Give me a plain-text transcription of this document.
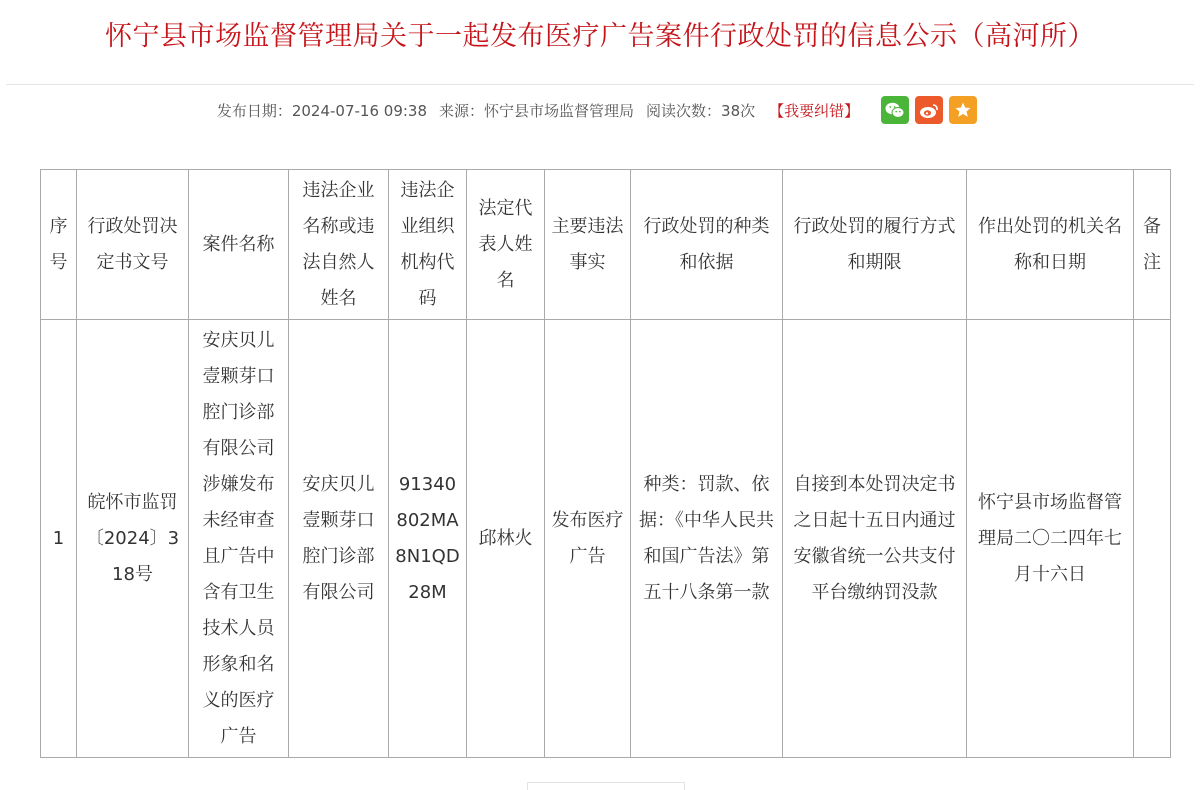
怀宁县市场监督管理局关于一起发布医疗广告案件行政处罚的信息公示（高河所）
发布日期：2024-07-16 09:38 来源：怀宁县市场监督管理局 阅读次数：38次 【我要纠错】
序号	行政处罚决定书文号	案件名称	违法企业名称或违法自然人姓名	违法企业组织机构代码	法定代表人姓名	主要违法事实	行政处罚的种类和依据	行政处罚的履行方式和期限	作出处罚的机关名称和日期	备注
1	皖怀市监罚〔2024〕318号	安庆贝儿壹颗芽口腔门诊部有限公司涉嫌发布未经审查且广告中含有卫生技术人员形象和名义的医疗广告	安庆贝儿壹颗芽口腔门诊部有限公司	91340802MA8N1QD28M	邱林火	发布医疗广告	种类：罚款、依据：《中华人民共和国广告法》第五十八条第一款	自接到本处罚决定书之日起十五日内通过安徽省统一公共支付平台缴纳罚没款	怀宁县市场监督管理局二〇二四年七月十六日	
